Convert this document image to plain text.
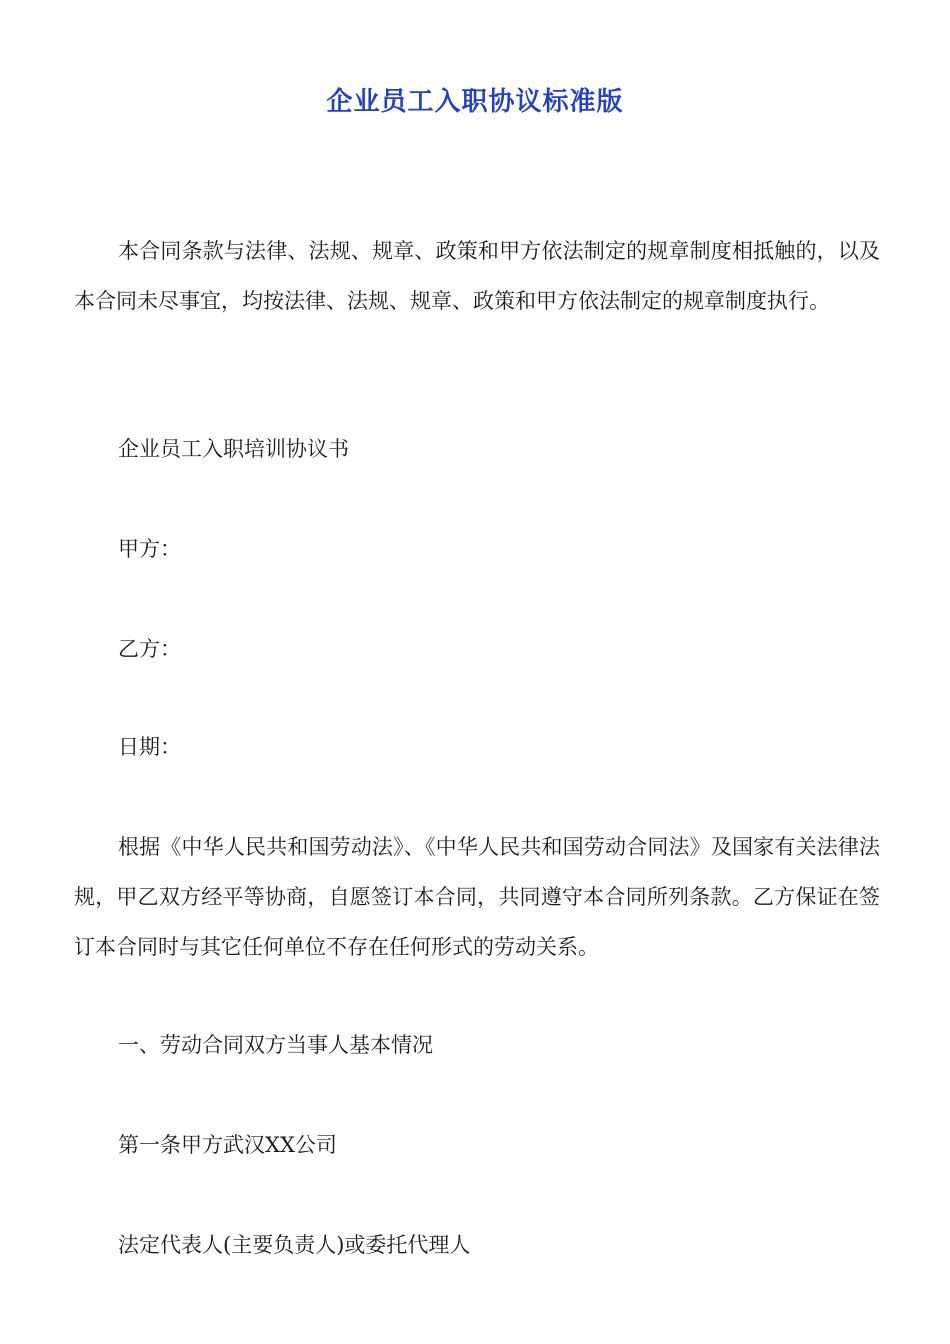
企业员工入职协议标准版

本合同条款与法律、法规、规章、政策和甲方依法制定的规章制度相抵触的，以及本合同未尽事宜，均按法律、法规、规章、政策和甲方依法制定的规章制度执行。

企业员工入职培训协议书

甲方：

乙方：

日期：

根据《中华人民共和国劳动法》、《中华人民共和国劳动合同法》及国家有关法律法规，甲乙双方经平等协商，自愿签订本合同，共同遵守本合同所列条款。乙方保证在签订本合同时与其它任何单位不存在任何形式的劳动关系。

一、劳动合同双方当事人基本情况

第一条甲方武汉XX公司

法定代表人(主要负责人)或委托代理人
